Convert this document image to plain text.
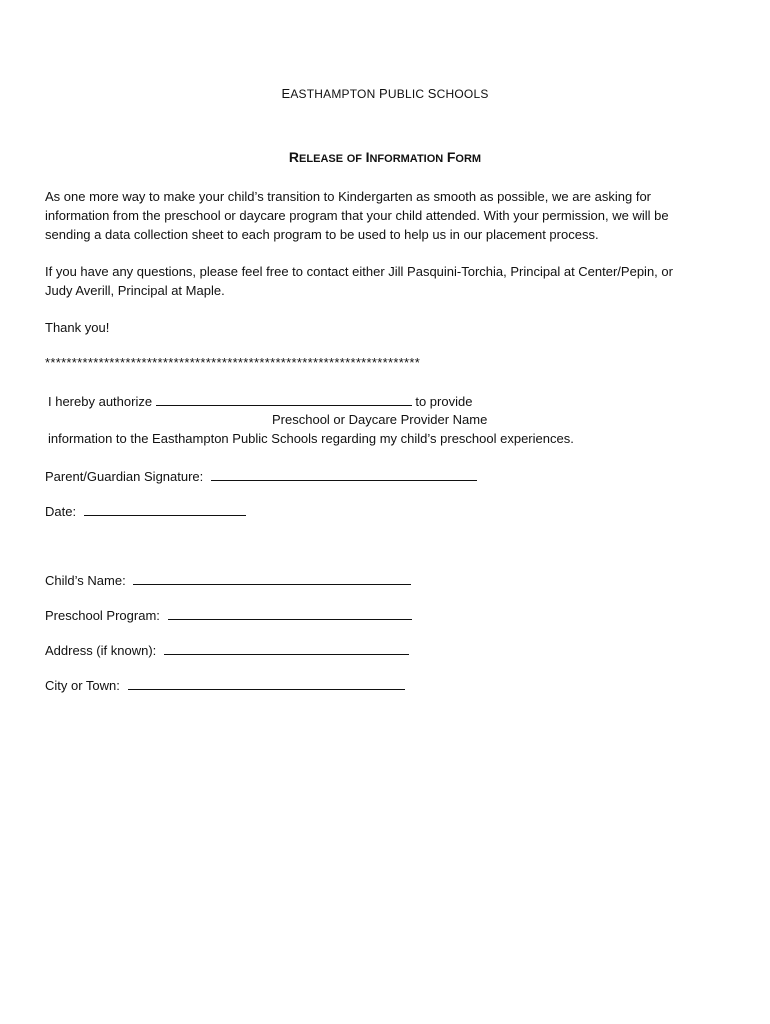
EASTHAMPTON PUBLIC SCHOOLS
RELEASE OF INFORMATION FORM
As one more way to make your child’s transition to Kindergarten as smooth as possible, we are asking for
information from the preschool or daycare program that your child attended. With your permission, we will be
sending a data collection sheet to each program to be used to help us in our placement process.
If you have any questions, please feel free to contact either Jill Pasquini-Torchia, Principal at Center/Pepin, or
Judy Averill, Principal at Maple.
Thank you!
**********************************************************************
I hereby authorize	to provide
Preschool or Daycare Provider Name
information to the Easthampton Public Schools regarding my child’s preschool experiences.
Parent/Guardian Signature:
Date:
Child’s Name:
Preschool Program:
Address (if known):
City or Town:
